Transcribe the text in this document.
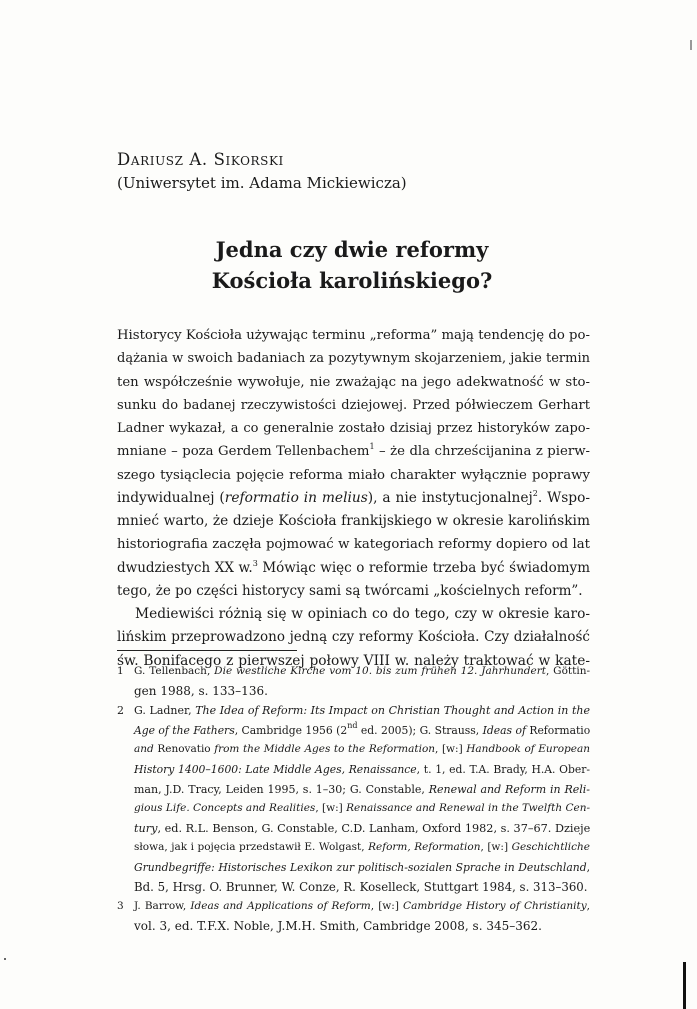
Dariusz A. Sikorski
(Uniwersytet im. Adama Mickiewicza)
Jedna czy dwie reformy
Kościoła karolińskiego?
Historycy Kościoła używając terminu „reforma” mają tendencję do po-
dążania w swoich badaniach za pozytywnym skojarzeniem, jakie termin
ten współcześnie wywołuje, nie zważając na jego adekwatność w sto-
sunku do badanej rzeczywistości dziejowej. Przed półwieczem Gerhart
Ladner wykazał, a co generalnie zostało dzisiaj przez historyków zapo-
mniane – poza Gerdem Tellenbachem$^1$ – że dla chrześcijanina z pierw-
szego tysiąclecia pojęcie reforma miało charakter wyłącznie poprawy
indywidualnej (reformatio in melius), a nie instytucjonalnej$^2$. Wspo-
mnieć warto, że dzieje Kościoła frankijskiego w okresie karolińskim
historiografia zaczęła pojmować w kategoriach reformy dopiero od lat
dwudziestych XX w.$^3$ Mówiąc więc o reformie trzeba być świadomym
tego, że po części historycy sami są twórcami „kościelnych reform”.
Mediewiści różnią się w opiniach co do tego, czy w okresie karo-
lińskim przeprowadzono jedną czy reformy Kościoła. Czy działalność
św. Bonifacego z pierwszej połowy VIII w. należy traktować w kate-
1 G. Tellenbach, Die westliche Kirche vom 10. bis zum frühen 12. Jahrhundert, Göttin-
gen 1988, s. 133–136.
2 G. Ladner, The Idea of Reform: Its Impact on Christian Thought and Action in the
Age of the Fathers, Cambridge 1956 (2nd ed. 2005); G. Strauss, Ideas of Reformatio
and Renovatio from the Middle Ages to the Reformation, [w:] Handbook of European
History 1400–1600: Late Middle Ages, Renaissance, t. 1, ed. T.A. Brady, H.A. Ober-
man, J.D. Tracy, Leiden 1995, s. 1–30; G. Constable, Renewal and Reform in Reli-
gious Life. Concepts and Realities, [w:] Renaissance and Renewal in the Twelfth Cen-
tury, ed. R.L. Benson, G. Constable, C.D. Lanham, Oxford 1982, s. 37–67. Dzieje
słowa, jak i pojęcia przedstawił E. Wolgast, Reform, Reformation, [w:] Geschichtliche
Grundbegriffe: Historisches Lexikon zur politisch-sozialen Sprache in Deutschland,
Bd. 5, Hrsg. O. Brunner, W. Conze, R. Koselleck, Stuttgart 1984, s. 313–360.
3 J. Barrow, Ideas and Applications of Reform, [w:] Cambridge History of Christianity,
vol. 3, ed. T.F.X. Noble, J.M.H. Smith, Cambridge 2008, s. 345–362.
